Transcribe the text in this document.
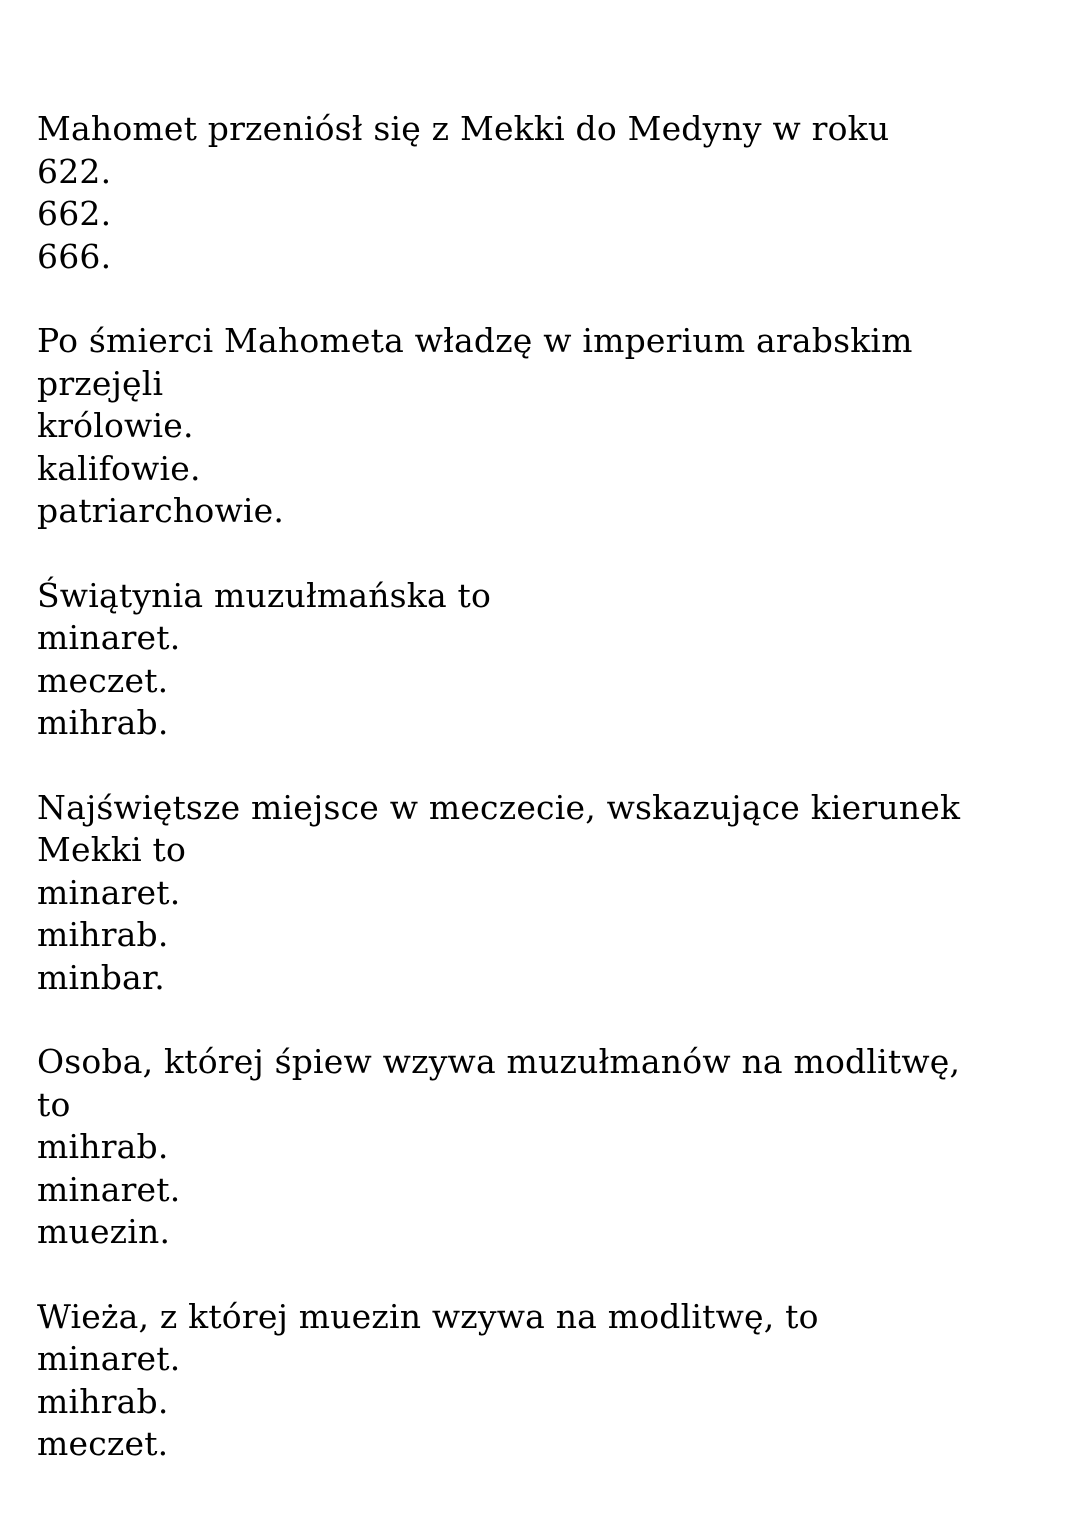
Mahomet przeniósł się z Mekki do Medyny w roku
622.
662.
666.
Po śmierci Mahometa władzę w imperium arabskim
przejęli
królowie.
kalifowie.
patriarchowie.
Świątynia muzułmańska to
minaret.
meczet.
mihrab.
Najświętsze miejsce w meczecie, wskazujące kierunek
Mekki to
minaret.
mihrab.
minbar.
Osoba, której śpiew wzywa muzułmanów na modlitwę,
to
mihrab.
minaret.
muezin.
Wieża, z której muezin wzywa na modlitwę, to
minaret.
mihrab.
meczet.
